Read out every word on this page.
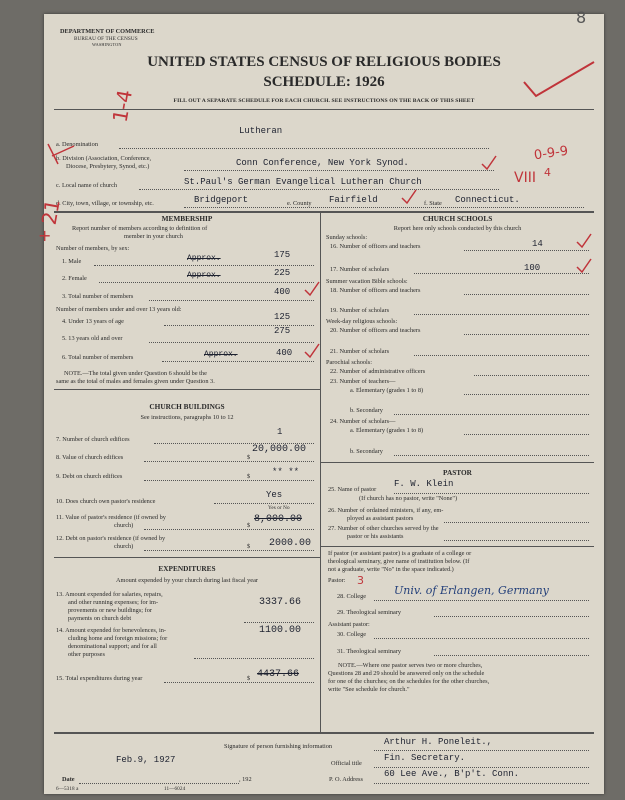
DEPARTMENT OF COMMERCE
BUREAU OF THE CENSUS
WASHINGTON
UNITED STATES CENSUS OF RELIGIOUS BODIES
SCHEDULE: 1926
FILL OUT A SEPARATE SCHEDULE FOR EACH CHURCH. SEE INSTRUCTIONS ON THE BACK OF THIS SHEET
a. Denomination
Lutheran
b. Division (Association, Conference,
Diocese, Presbytery, Synod, etc.)	Conn Conference, New York Synod.
c. Local name of church	St.Paul's German Evangelical Lutheran Church
d. City, town, village, or township, etc.	Bridgeport	e. County Fairfield	f. State Connecticut.
MEMBERSHIP
Report number of members according to definition of
member in your church
Number of members, by sex:
1. Male	Approx.	175
2. Female	Approx.	225
3. Total number of members	400
Number of members under and over 13 years old:
4. Under 13 years of age	125
5. 13 years old and over
275
6. Total number of members	Approx.	400
NOTE.—The total given under Question 6 should be the
same as the total of males and females given under Question 3.
CHURCH BUILDINGS
See instructions, paragraphs 10 to 12
7. Number of church edifices
1
8. Value of church edifices	$
20,000.00
9. Debt on church edifices	$ ** **
10. Does church own pastor's residence
Yes
Yes or No
11. Value of pastor's residence (if owned by
church)	$
8,000.00
12. Debt on pastor's residence (if owned by
church)	$ 2000.00
EXPENDITURES
Amount expended by your church during last fiscal year
13. Amount expended for salaries, repairs,
and other running expenses; for im-
provements or new buildings; for
payments on church debt
3337.66
14. Amount expended for benevolences, in-
cluding home and foreign missions; for
denominational support; and for all
other purposes
1100.00
15. Total expenditures during year	$ 4437.66
CHURCH SCHOOLS
Report here only schools conducted by this church
Sunday schools:
16. Number of officers and teachers	14
17. Number of scholars	100
Summer vacation Bible schools:
18. Number of officers and teachers
19. Number of scholars
Week-day religious schools:
20. Number of officers and teachers
21. Number of scholars
Parochial schools:
22. Number of administrative officers
23. Number of teachers—
a. Elementary (grades 1 to 8)
b. Secondary
24. Number of scholars—
a. Elementary (grades 1 to 8)
b. Secondary
PASTOR
25. Name of pastor
F. W. Klein
(If church has no pastor, write "None")
26. Number of ordained ministers, if any, em-
ployed as assistant pastors
27. Number of other churches served by the
pastor or his assistants
If pastor (or assistant pastor) is a graduate of a college or
theological seminary, give name of institution below. (If
not a graduate, write "No" in the space indicated.)
Pastor:
28. College	Univ. of Erlangen, Germany
29. Theological seminary
Assistant pastor:
30. College
31. Theological seminary
NOTE.—Where one pastor serves two or more churches,
Questions 28 and 29 should be answered only on the schedule
for one of the churches; on the schedules for the other churches,
write "See schedule for church."
Signature of person furnishing information	Arthur H. Poneleit.,
Official title
Fin. Secretary.
Date
Feb.9, 1927
, 192	P. O. Address
60 Lee Ave., B'p't. Conn.
6—5318 a	11—6024
8
1-4
21
+
0-9-9
VIII 4
3
